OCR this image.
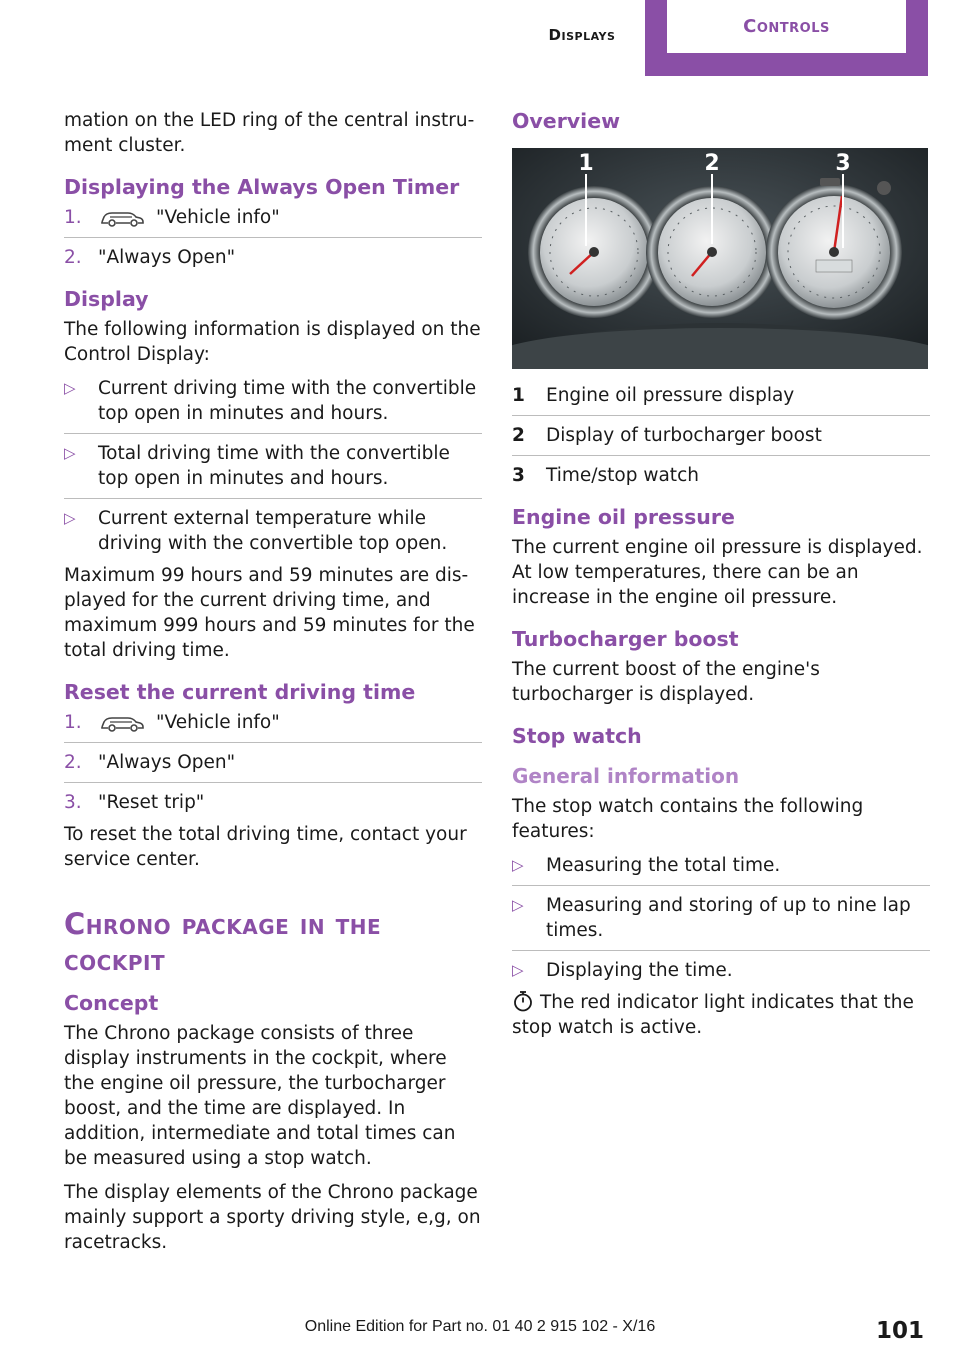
Displays	Controls

mation on the LED ring of the central instrument cluster.

Displaying the Always Open Timer
1.	"Vehicle info"
2. "Always Open"
Display

The following information is displayed on the Control Display:

▷	Current driving time with the convertible top open in minutes and hours.
▷	Total driving time with the convertible top open in minutes and hours.
▷	Current external temperature while driving with the convertible top open.

Maximum 99 hours and 59 minutes are displayed for the current driving time, and maximum 999 hours and 59 minutes for the total driving time.

Reset the current driving time
1.	"Vehicle info"
2. "Always Open"
3. "Reset trip"

To reset the total driving time, contact your service center.

Chrono package in the cockpit
Concept

The Chrono package consists of three display instruments in the cockpit, where the engine oil pressure, the turbocharger boost, and the time are displayed. In addition, intermediate and total times can be measured using a stop watch.

The display elements of the Chrono package mainly support a sporty driving style, e,g, on racetracks.

Overview
1	2	3
1	Engine oil pressure display
2	Display of turbocharger boost
3	Time/stop watch
Engine oil pressure

The current engine oil pressure is displayed. At low temperatures, there can be an increase in the engine oil pressure.

Turbocharger boost

The current boost of the engine's turbocharger is displayed.

Stop watch
General information

The stop watch contains the following features:

▷	Measuring the total time.
▷	Measuring and storing of up to nine lap times.
▷	Displaying the time.

The red indicator light indicates that the stop watch is active.

Online Edition for Part no. 01 40 2 915 102 - X/16	101
